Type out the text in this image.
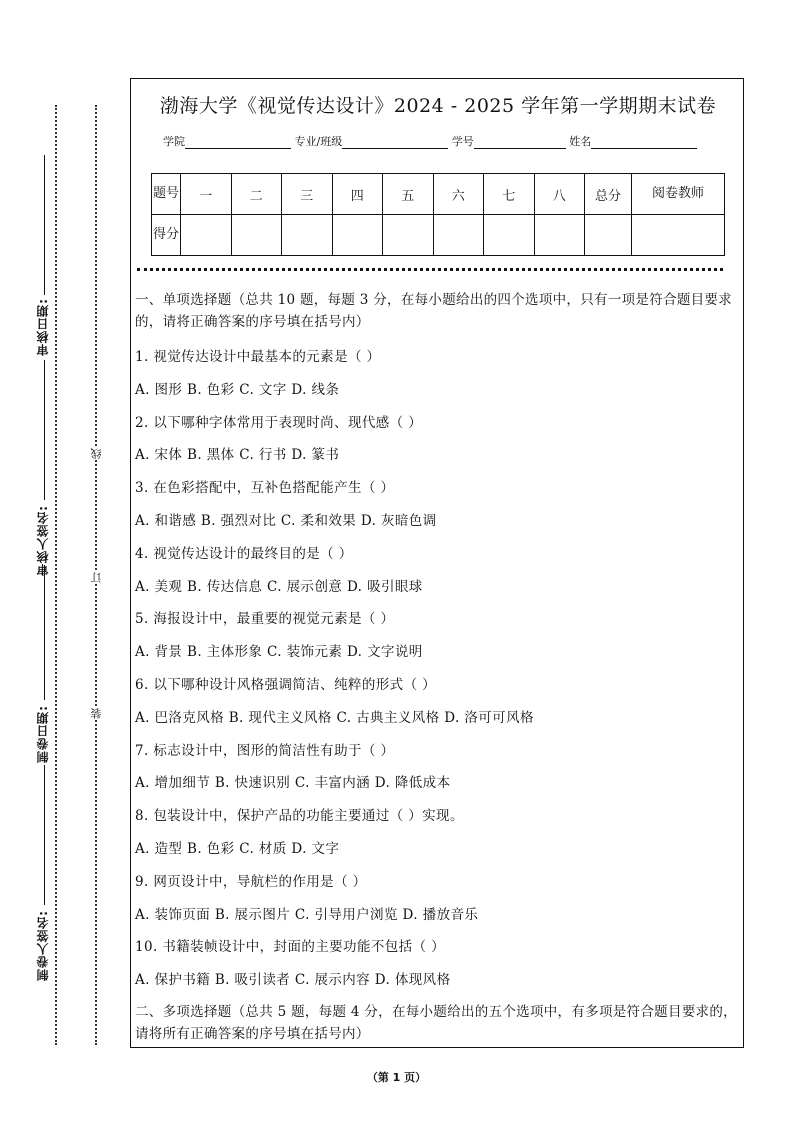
审核日期:
审核人签名:
制卷日期:
制卷人签名:
线
订
装
渤海大学《视觉传达设计》2024 - 2025 学年第一学期期末试卷
学院	专业/班级	学号	姓名
题号	一	二	三	四	五	六	七	八	总分	阅卷教师
得分										
一、单项选择题（总共 10 题，每题 3 分，在每小题给出的四个选项中，只有一项是符合题目要求的，请将正确答案的序号填在括号内）
1. 视觉传达设计中最基本的元素是（ ）
A. 图形 B. 色彩 C. 文字 D. 线条
2. 以下哪种字体常用于表现时尚、现代感（ ）
A. 宋体 B. 黑体 C. 行书 D. 篆书
3. 在色彩搭配中，互补色搭配能产生（ ）
A. 和谐感 B. 强烈对比 C. 柔和效果 D. 灰暗色调
4. 视觉传达设计的最终目的是（ ）
A. 美观 B. 传达信息 C. 展示创意 D. 吸引眼球
5. 海报设计中，最重要的视觉元素是（ ）
A. 背景 B. 主体形象 C. 装饰元素 D. 文字说明
6. 以下哪种设计风格强调简洁、纯粹的形式（ ）
A. 巴洛克风格 B. 现代主义风格 C. 古典主义风格 D. 洛可可风格
7. 标志设计中，图形的简洁性有助于（ ）
A. 增加细节 B. 快速识别 C. 丰富内涵 D. 降低成本
8. 包装设计中，保护产品的功能主要通过（ ）实现。
A. 造型 B. 色彩 C. 材质 D. 文字
9. 网页设计中，导航栏的作用是（ ）
A. 装饰页面 B. 展示图片 C. 引导用户浏览 D. 播放音乐
10. 书籍装帧设计中，封面的主要功能不包括（ ）
A. 保护书籍 B. 吸引读者 C. 展示内容 D. 体现风格
二、多项选择题（总共 5 题，每题 4 分，在每小题给出的五个选项中，有多项是符合题目要求的，请将所有正确答案的序号填在括号内）
（第 1 页）
